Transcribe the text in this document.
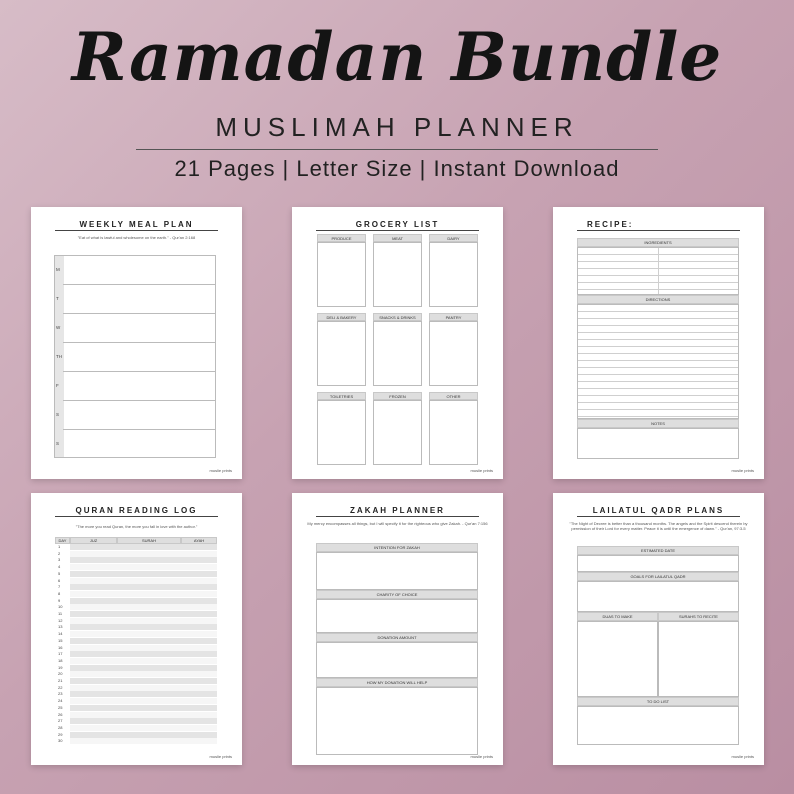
Ramadan Bundle
MUSLIMAH PLANNER
21 Pages | Letter Size | Instant Download
WEEKLY MEAL PLAN
"Eat of what is lawful and wholesome on the earth." - Qur'an 2:168
M
T
W
TH
F
S
S
muslie prints
GROCERY LIST
PRODUCE	MEAT	DAIRY
DELI & BAKERY	SNACKS & DRINKS	PANTRY
TOILETRIES	FROZEN	OTHER
muslie prints
RECIPE:
INGREDIENTS
DIRECTIONS
NOTES
muslie prints
QURAN READING LOG
"The more you read Quran, the more you fall in love with the author."
DAY	JUZ	SURAH	AYAH
1
2
3
4
5
6
7
8
9
10
11
12
13
14
15
16
17
18
19
20
21
22
23
24
25
26
27
28
29
30
muslie prints
ZAKAH PLANNER
My mercy encompasses all things, but I will specify it for the righteous who give Zakah. - Qur'an 7:156
INTENTION FOR ZAKAH
CHARITY OF CHOICE
DONATION AMOUNT
HOW MY DONATION WILL HELP
muslie prints
LAILATUL QADR PLANS
"The Night of Decree is better than a thousand months. The angels and the Spirit descend therein by permission of their Lord for every matter. Peace it is until the emergence of dawn." - Qur'an, 97:3-5
ESTIMATED DATE
GOALS FOR LAILATUL QADR
DUAS TO MAKE	SURAHS TO RECITE
TO DO LIST
muslie prints
